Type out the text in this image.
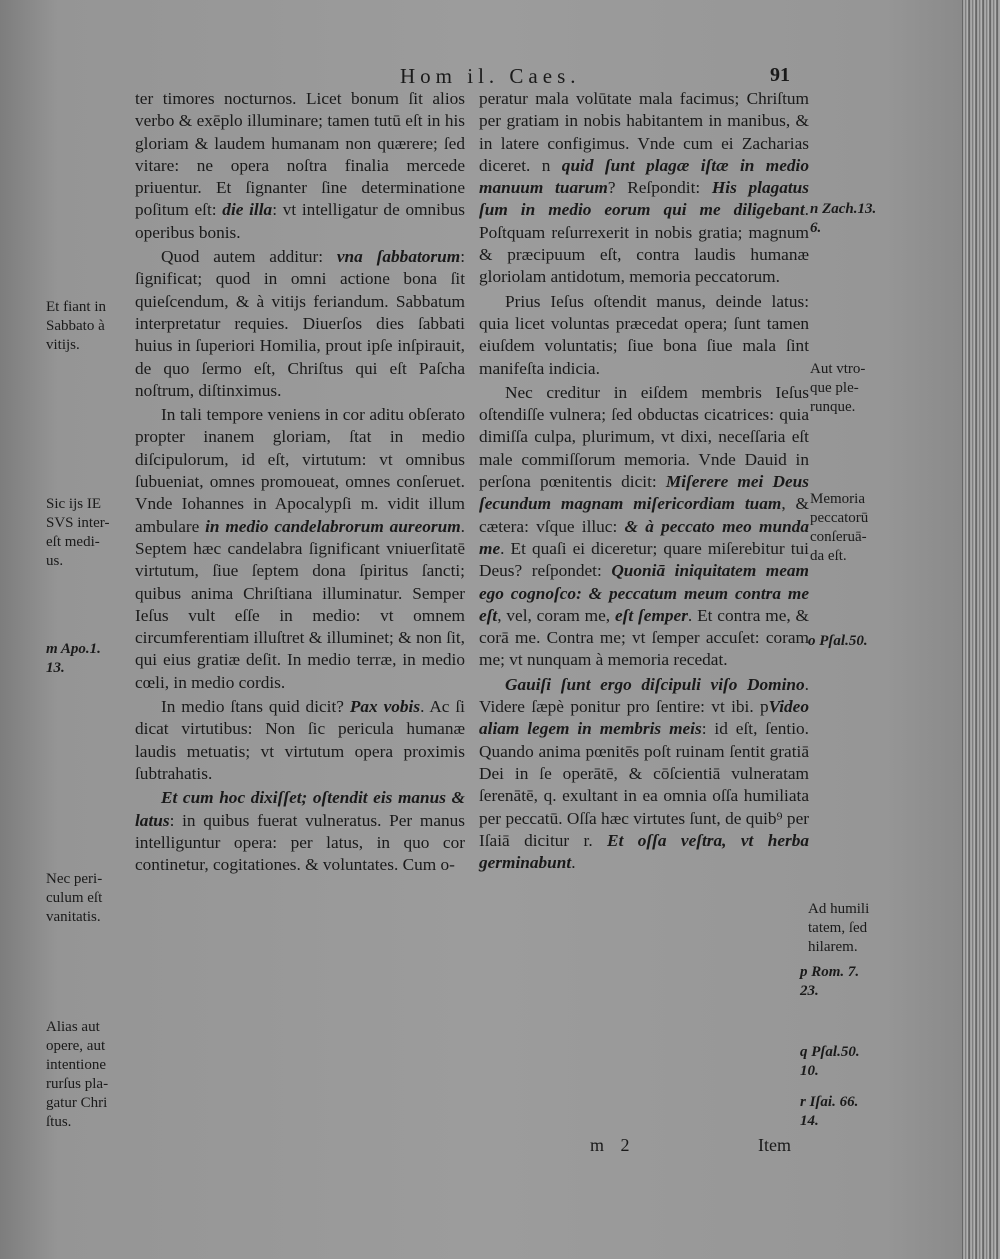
Hom il. Caes.	91

ter timores nocturnos. Licet bonum ſit alios verbo & exēplo illuminare; tamen tutū eſt in his gloriam & laudem humanam non quærere; ſed vitare: ne opera noſtra finalia mercede priuentur. Et ſignanter ſine determinatione poſitum eſt: die illa: vt intelligatur de omnibus operibus bonis.

Quod autem additur: vna ſabbatorum: ſignificat; quod in omni actione bona ſit quieſcendum, & à vitijs feriandum. Sabbatum interpretatur requies. Diuerſos dies ſabbati huius in ſuperiori Homilia, prout ipſe inſpirauit, de quo ſermo eſt, Chriſtus qui eſt Paſcha noſtrum, diſtinximus.

In tali tempore veniens in cor aditu obſerato propter inanem gloriam, ſtat in medio diſcipulorum, id eſt, virtutum: vt omnibus ſubueniat, omnes promoueat, omnes conſeruet. Vnde Iohannes in Apocalypſi m. vidit illum ambulare in medio candelabrorum aureorum. Septem hæc candelabra ſignificant vniuerſitatē virtutum, ſiue ſeptem dona ſpiritus ſancti; quibus anima Chriſtiana illuminatur. Semper Ieſus vult eſſe in medio: vt omnem circumferentiam illuſtret & illuminet; & non ſit, qui eius gratiæ deſit. In medio terræ, in medio cœli, in medio cordis.

In medio ſtans quid dicit? Pax vobis. Ac ſi dicat virtutibus: Non ſic pericula humanæ laudis metuatis; vt virtutum opera proximis ſubtrahatis.

Et cum hoc dixiſſet; oſtendit eis manus & latus: in quibus fuerat vulneratus. Per manus intelliguntur opera: per latus, in quo cor continetur, cogitationes. & voluntates. Cum o-

peratur mala volūtate mala facimus; Chriſtum per gratiam in nobis habitantem in manibus, & in latere configimus. Vnde cum ei Zacharias diceret. n quid ſunt plagæ iſtæ in medio manuum tuarum? Reſpondit: His plagatus ſum in medio eorum qui me diligebant. Poſtquam reſurrexerit in nobis gratia; magnum & præcipuum eſt, contra laudis humanæ gloriolam antidotum, memoria peccatorum.

Prius Ieſus oſtendit manus, deinde latus: quia licet voluntas præcedat opera; ſunt tamen eiuſdem voluntatis; ſiue bona ſiue mala ſint manifeſta indicia.

Nec creditur in eiſdem membris Ieſus oſtendiſſe vulnera; ſed obductas cicatrices: quia dimiſſa culpa, plurimum, vt dixi, neceſſaria eſt male commiſſorum memoria. Vnde Dauid in perſona pœnitentis dicit: Miſerere mei Deus ſecundum magnam miſericordiam tuam, & cætera: vſque illuc: & à peccato meo munda me. Et quaſi ei diceretur; quare miſerebitur tui Deus? reſpondet: Quoniā iniquitatem meam ego cognoſco: & peccatum meum contra me eſt, vel, coram me, eſt ſemper. Et contra me, & corā me. Contra me; vt ſemper accuſet: coram me; vt nunquam à memoria recedat.

Gauiſi ſunt ergo diſcipuli viſo Domino. Videre ſæpè ponitur pro ſentire: vt ibi. pVideo aliam legem in membris meis: id eſt, ſentio. Quando anima pœnitēs poſt ruinam ſentit gratiā Dei in ſe operātē, & cōſcientiā vulneratam ſerenātē, q. exultant in ea omnia oſſa humiliata per peccatū. Oſſa hæc virtutes ſunt, de quib⁹ per Iſaiā dicitur r. Et oſſa veſtra, vt herba germinabunt.

Et fiant in
Sabbato à
vitijs.
Sic ijs IE
SVS inter-
eſt medi-
us.
m Apo.1.
13.
Nec peri-
culum eſt
vanitatis.
Alias aut
opere, aut
intentione
rurſus pla-
gatur Chri
ſtus.
n Zach.13.
6.
Aut vtro-
que ple-
runque.
Memoria
peccatorū
conſeruā-
da eſt.
o Pſal.50.
Ad humili
tatem, ſed
hilarem.
p Rom. 7.
23.
q Pſal.50.
10.
r Iſai. 66.
14.
m 2	Item
